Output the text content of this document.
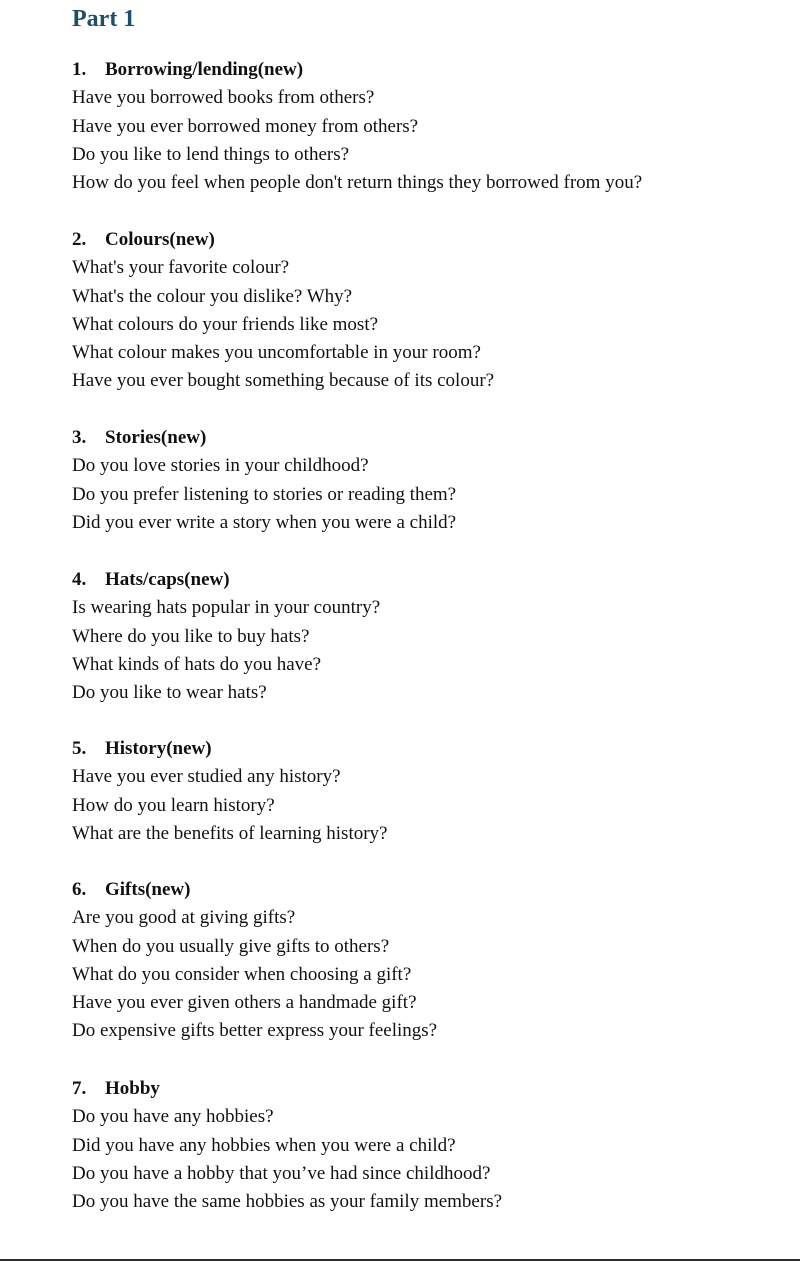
Part 1
1. Borrowing/lending(new)
Have you borrowed books from others?
Have you ever borrowed money from others?
Do you like to lend things to others?
How do you feel when people don't return things they borrowed from you?
2. Colours(new)
What's your favorite colour?
What's the colour you dislike? Why?
What colours do your friends like most?
What colour makes you uncomfortable in your room?
Have you ever bought something because of its colour?
3. Stories(new)
Do you love stories in your childhood?
Do you prefer listening to stories or reading them?
Did you ever write a story when you were a child?
4. Hats/caps(new)
Is wearing hats popular in your country?
Where do you like to buy hats?
What kinds of hats do you have?
Do you like to wear hats?
5. History(new)
Have you ever studied any history?
How do you learn history?
What are the benefits of learning history?
6. Gifts(new)
Are you good at giving gifts?
When do you usually give gifts to others?
What do you consider when choosing a gift?
Have you ever given others a handmade gift?
Do expensive gifts better express your feelings?
7. Hobby
Do you have any hobbies?
Did you have any hobbies when you were a child?
Do you have a hobby that you’ve had since childhood?
Do you have the same hobbies as your family members?
